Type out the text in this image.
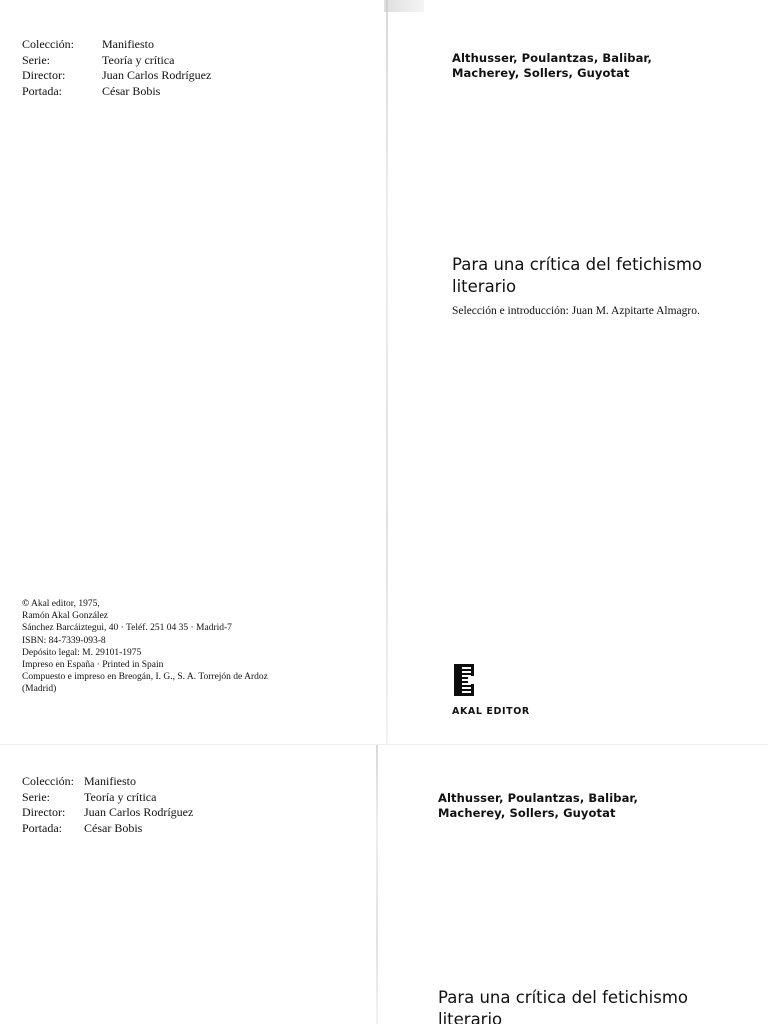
Colección:	Manifiesto
Serie:	Teoría y crítica
Director:	Juan Carlos Rodríguez
Portada:	César Bobis
© Akal editor, 1975,
Ramón Akal González
Sánchez Barcáiztegui, 40 · Teléf. 251 04 35 · Madrid-7
ISBN: 84-7339-093-8
Depósito legal: M. 29101-1975
Impreso en España · Printed in Spain
Compuesto e impreso en Breogán, I. G., S. A. Torrejón de Ardoz
(Madrid)
Althusser, Poulantzas, Balibar,
Macherey, Sollers, Guyotat
Para una crítica del fetichismo
literario
Selección e introducción: Juan M. Azpitarte Almagro.
AKAL EDITOR
Colección:	Manifiesto
Serie:	Teoría y crítica
Director:	Juan Carlos Rodríguez
Portada:	César Bobis
Althusser, Poulantzas, Balibar,
Macherey, Sollers, Guyotat
Para una crítica del fetichismo
literario
